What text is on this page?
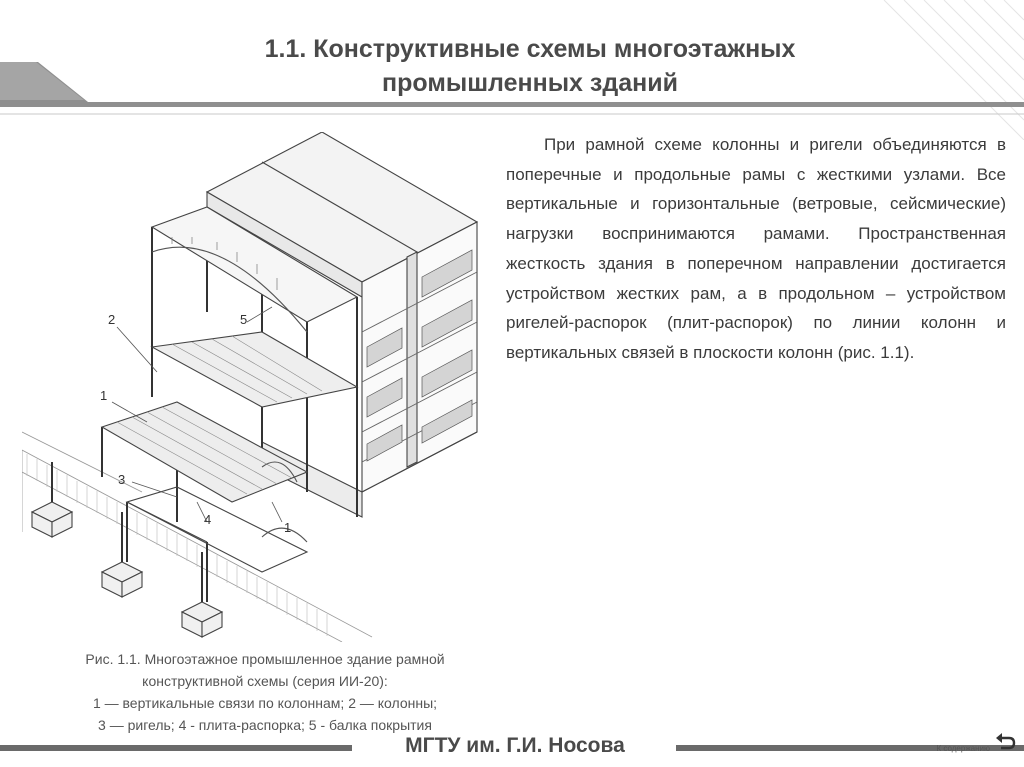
1.1. Конструктивные схемы многоэтажных
промышленных зданий
При рамной схеме колонны и ригели объединяются в поперечные и продольные рамы с жесткими узлами. Все вертикальные и горизонтальные (ветровые, сейсмические) нагрузки воспринимаются рамами. Пространственная жесткость здания в поперечном направлении достигается устройством жестких рам, а в продольном – устройством ригелей-распорок (плит-распорок) по линии колонн и вертикальных связей в плоскости колонн (рис. 1.1).
2	5
1
3
4
1
Рис. 1.1. Многоэтажное промышленное здание рамной
конструктивной схемы (серия ИИ-20):
1 — вертикальные связи по колоннам; 2 — колонны;
3 — ригель; 4 - плита-распорка; 5 - балка покрытия
МГТУ им. Г.И. Носова	К содержанию
